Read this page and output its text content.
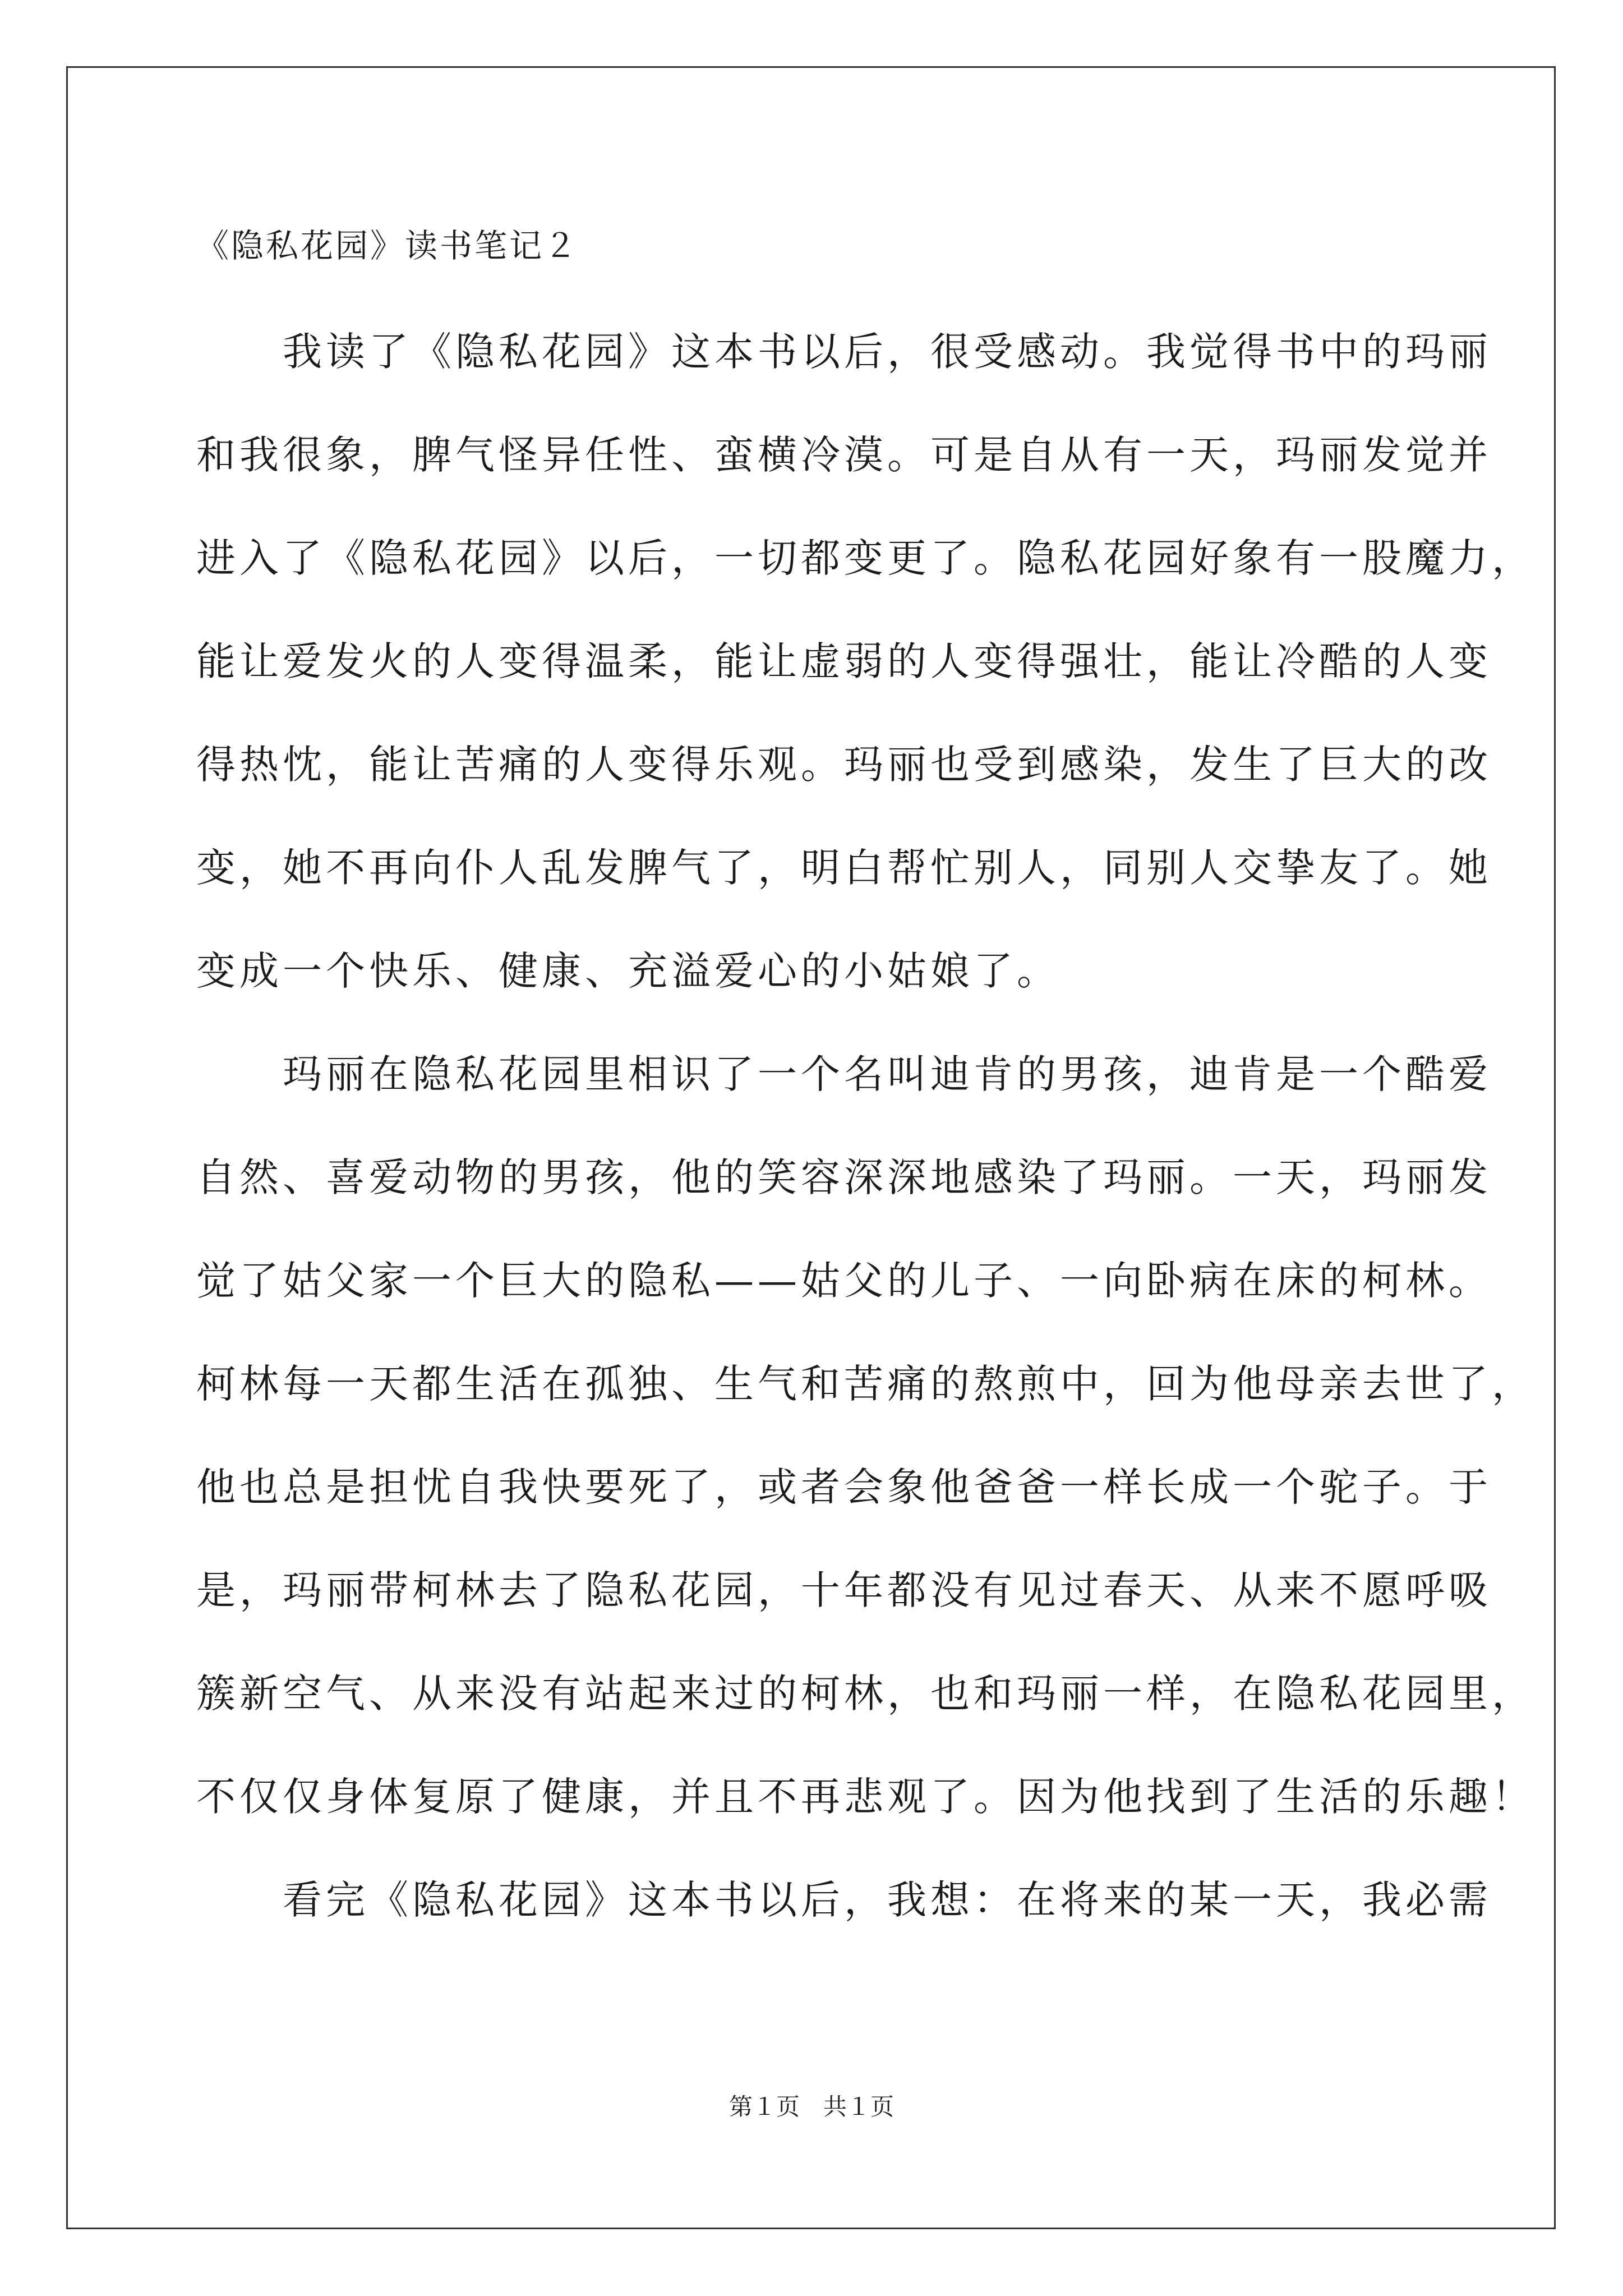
《隐私花园》读书笔记２
　　我读了《隐私花园》这本书以后，很受感动。我觉得书中的玛丽
和我很象，脾气怪异任性、蛮横冷漠。可是自从有一天，玛丽发觉并
进入了《隐私花园》以后，一切都变更了。隐私花园好象有一股魔力，
能让爱发火的人变得温柔，能让虚弱的人变得强壮，能让冷酷的人变
得热忱，能让苦痛的人变得乐观。玛丽也受到感染，发生了巨大的改
变，她不再向仆人乱发脾气了，明白帮忙别人，同别人交挚友了。她
变成一个快乐、健康、充溢爱心的小姑娘了。
　　玛丽在隐私花园里相识了一个名叫迪肯的男孩，迪肯是一个酷爱
自然、喜爱动物的男孩，他的笑容深深地感染了玛丽。一天，玛丽发
觉了姑父家一个巨大的隐私——姑父的儿子、一向卧病在床的柯林。
柯林每一天都生活在孤独、生气和苦痛的熬煎中，回为他母亲去世了，
他也总是担忧自我快要死了，或者会象他爸爸一样长成一个驼子。于
是，玛丽带柯林去了隐私花园，十年都没有见过春天、从来不愿呼吸
簇新空气、从来没有站起来过的柯林，也和玛丽一样，在隐私花园里，
不仅仅身体复原了健康，并且不再悲观了。因为他找到了生活的乐趣！
　　看完《隐私花园》这本书以后，我想：在将来的某一天，我必需
第１页　共１页
